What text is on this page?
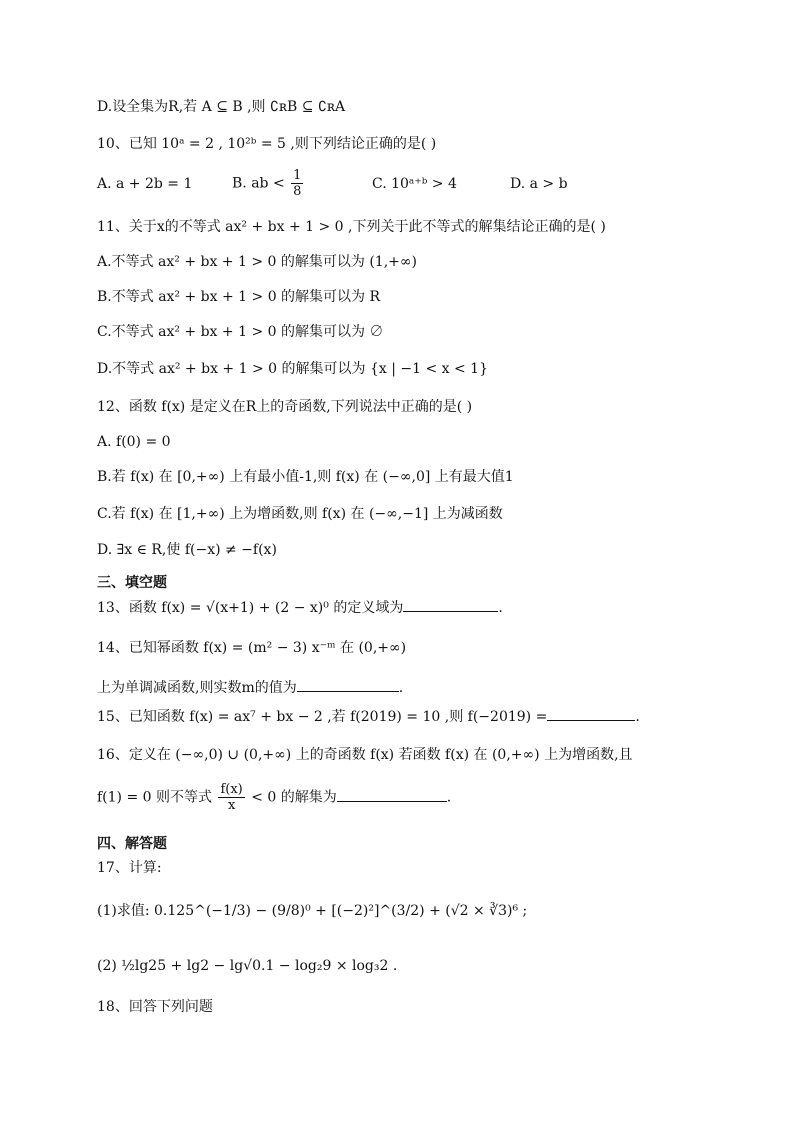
D.设全集为R,若 A ⊆ B ,则 ∁ʀB ⊆ ∁ʀA
10、已知 10ᵃ = 2 , 10²ᵇ = 5 ,则下列结论正确的是( )
A. a + 2b = 1	B. ab < $\frac{1}{8}$	C. 10ᵃ⁺ᵇ > 4	D. a > b
11、关于x的不等式 ax² + bx + 1 > 0 ,下列关于此不等式的解集结论正确的是( )
A.不等式 ax² + bx + 1 > 0 的解集可以为 (1,+∞)
B.不等式 ax² + bx + 1 > 0 的解集可以为 R
C.不等式 ax² + bx + 1 > 0 的解集可以为 ∅
D.不等式 ax² + bx + 1 > 0 的解集可以为 {x | −1 < x < 1}
12、函数 f(x) 是定义在R上的奇函数,下列说法中正确的是( )
A. f(0) = 0
B.若 f(x) 在 [0,+∞) 上有最小值-1,则 f(x) 在 (−∞,0] 上有最大值1
C.若 f(x) 在 [1,+∞) 上为增函数,则 f(x) 在 (−∞,−1] 上为减函数
D. ∃x ∈ R,使 f(−x) ≠ −f(x)
三、填空题
13、函数 f(x) = √(x+1) + (2 − x)⁰ 的定义域为	.
14、已知幂函数 f(x) = (m² − 3) x⁻ᵐ 在 (0,+∞)
上为单调减函数,则实数m的值为	.
15、已知函数 f(x) = ax⁷ + bx − 2 ,若 f(2019) = 10 ,则 f(−2019) =	.
16、定义在 (−∞,0) ∪ (0,+∞) 上的奇函数 f(x) 若函数 f(x) 在 (0,+∞) 上为增函数,且
f(1) = 0 则不等式 $\frac{f(x)}{x} < 0$ 的解集为	.
四、解答题
17、计算:
(1)求值: 0.125^(−1/3) − (9/8)⁰ + [(−2)²]^(3/2) + (√2 × ∛3)⁶ ;
(2) ½lg25 + lg2 − lg√0.1 − log₂9 × log₃2 .
18、回答下列问题
